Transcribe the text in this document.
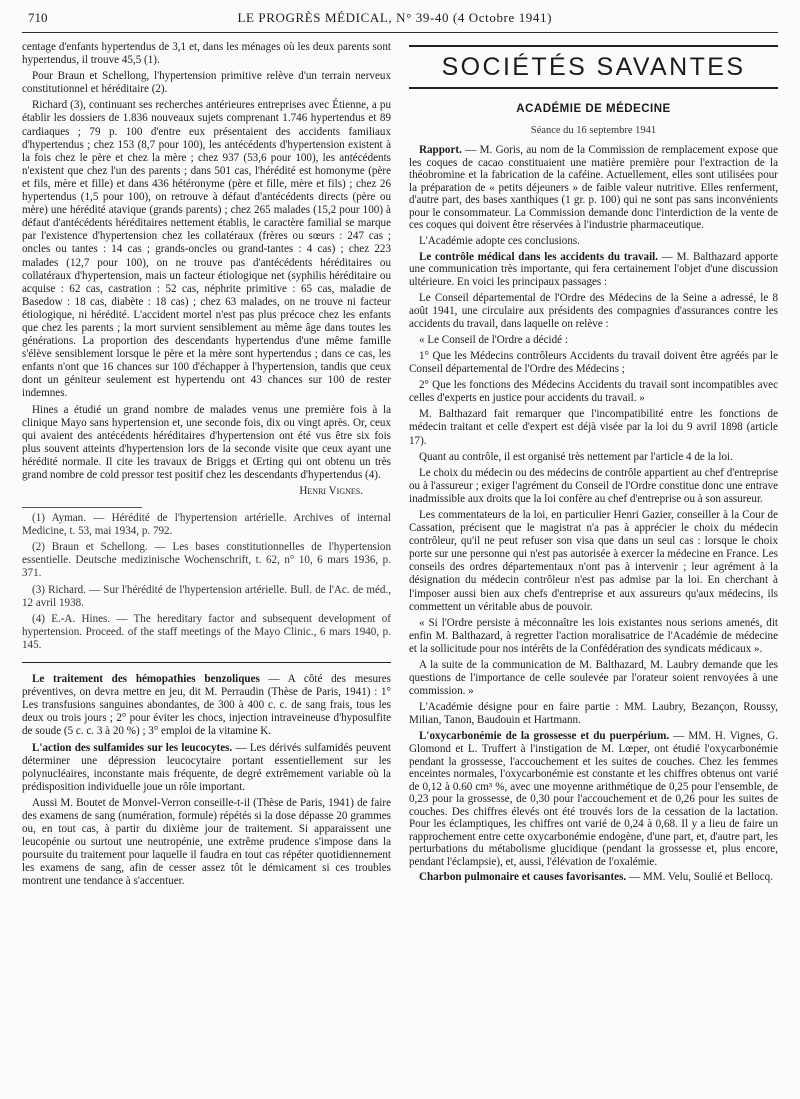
710	LE PROGRÈS MÉDICAL, N° 39-40 (4 Octobre 1941)

centage d'enfants hypertendus de 3,1 et, dans les ménages où les deux parents sont hypertendus, il trouve 45,5 (1).

Pour Braun et Schellong, l'hypertension primitive relève d'un terrain nerveux constitutionnel et héréditaire (2).

Richard (3), continuant ses recherches antérieures entreprises avec Étienne, a pu établir les dossiers de 1.836 nouveaux sujets comprenant 1.746 hypertendus et 89 cardiaques ; 79 p. 100 d'entre eux présentaient des accidents familiaux d'hypertendus ; chez 153 (8,7 pour 100), les antécédents d'hypertension existent à la fois chez le père et chez la mère ; chez 937 (53,6 pour 100), les antécédents n'existent que chez l'un des parents ; dans 501 cas, l'hérédité est homonyme (père et fils, mère et fille) et dans 436 hétéronyme (père et fille, mère et fils) ; chez 26 hypertendus (1,5 pour 100), on retrouve à défaut d'antécédents directs (père ou mère) une hérédité atavique (grands parents) ; chez 265 malades (15,2 pour 100) à défaut d'antécédents héréditaires nettement établis, le caractère familial se marque par l'existence d'hypertension chez les collatéraux (frères ou sœurs : 247 cas ; oncles ou tantes : 14 cas ; grands-oncles ou grand-tantes : 4 cas) ; chez 223 malades (12,7 pour 100), on ne trouve pas d'antécédents héréditaires ou collatéraux d'hypertension, mais un facteur étiologique net (syphilis héréditaire ou acquise : 62 cas, castration : 52 cas, néphrite primitive : 65 cas, maladie de Basedow : 18 cas, diabète : 18 cas) ; chez 63 malades, on ne trouve ni facteur étiologique, ni hérédité. L'accident mortel n'est pas plus précoce chez les enfants que chez les parents ; la mort survient sensiblement au même âge dans toutes les générations. La proportion des descendants hypertendus d'une même famille s'élève sensiblement lorsque le père et la mère sont hypertendus ; dans ce cas, les enfants n'ont que 16 chances sur 100 d'échapper à l'hypertension, tandis que ceux dont un géniteur seulement est hypertendu ont 43 chances sur 100 de rester indemnes.

Hines a étudié un grand nombre de malades venus une première fois à la clinique Mayo sans hypertension et, une seconde fois, dix ou vingt après. Or, ceux qui avaient des antécédents héréditaires d'hypertension ont été vus être six fois plus souvent atteints d'hypertension lors de la seconde visite que ceux ayant une hérédité normale. Il cite les travaux de Briggs et Œrting qui ont obtenu un très grand nombre de cold pressor test positif chez les descendants d'hypertendus (4).

Henri Vignes.

(1) Ayman. — Hérédité de l'hypertension artérielle. Archives of internal Medicine, t. 53, mai 1934, p. 792.

(2) Braun et Schellong. — Les bases constitutionnelles de l'hypertension essentielle. Deutsche medizinische Wochenschrift, t. 62, n° 10, 6 mars 1936, p. 371.

(3) Richard. — Sur l'hérédité de l'hypertension artérielle. Bull. de l'Ac. de méd., 12 avril 1938.

(4) E.-A. Hines. — The hereditary factor and subsequent development of hypertension. Proceed. of the staff meetings of the Mayo Clinic., 6 mars 1940, p. 145.

Le traitement des hémopathies benzoliques — A côté des mesures préventives, on devra mettre en jeu, dit M. Perraudin (Thèse de Paris, 1941) : 1° Les transfusions sanguines abondantes, de 300 à 400 c. c. de sang frais, tous les deux ou trois jours ; 2° pour éviter les chocs, injection intraveineuse d'hyposulfite de soude (5 c. c. 3 à 20 %) ; 3° emploi de la vitamine K.

L'action des sulfamides sur les leucocytes. — Les dérivés sulfamidés peuvent déterminer une dépression leucocytaire portant essentiellement sur les polynucléaires, inconstante mais fréquente, de degré extrêmement variable où la prédisposition individuelle joue un rôle important.

Aussi M. Boutet de Monvel-Verron conseille-t-il (Thèse de Paris, 1941) de faire des examens de sang (numération, formule) répétés si la dose dépasse 20 grammes ou, en tout cas, à partir du dixième jour de traitement. Si apparaissent une leucopénie ou surtout une neutropénie, une extrême prudence s'impose dans la poursuite du traitement pour laquelle il faudra en tout cas répéter quotidiennement les examens de sang, afin de cesser assez tôt le démicament si ces troubles montrent une tendance à s'accentuer.

SOCIÉTÉS SAVANTES
ACADÉMIE DE MÉDECINE
Séance du 16 septembre 1941

Rapport. — M. Goris, au nom de la Commission de remplacement expose que les coques de cacao constituaient une matière première pour l'extraction de la théobromine et la fabrication de la caféine. Actuellement, elles sont utilisées pour la préparation de « petits déjeuners » de faible valeur nutritive. Elles renferment, d'autre part, des bases xanthiques (1 gr. p. 100) qui ne sont pas sans inconvénients pour le consommateur. La Commission demande donc l'interdiction de la vente de ces coques qui doivent être réservées à l'industrie pharmaceutique.

L'Académie adopte ces conclusions.

Le contrôle médical dans les accidents du travail. — M. Balthazard apporte une communication très importante, qui fera certainement l'objet d'une discussion ultérieure. En voici les principaux passages :

Le Conseil départemental de l'Ordre des Médecins de la Seine a adressé, le 8 août 1941, une circulaire aux présidents des compagnies d'assurances contre les accidents du travail, dans laquelle on relève :

« Le Conseil de l'Ordre a décidé :

1° Que les Médecins contrôleurs Accidents du travail doivent être agréés par le Conseil départemental de l'Ordre des Médecins ;

2° Que les fonctions des Médecins Accidents du travail sont incompatibles avec celles d'experts en justice pour accidents du travail. »

M. Balthazard fait remarquer que l'incompatibilité entre les fonctions de médecin traitant et celle d'expert est déjà visée par la loi du 9 avril 1898 (article 17).

Quant au contrôle, il est organisé très nettement par l'article 4 de la loi.

Le choix du médecin ou des médecins de contrôle appartient au chef d'entreprise ou à l'assureur ; exiger l'agrément du Conseil de l'Ordre constitue donc une entrave inadmissible aux droits que la loi confère au chef d'entreprise ou à son assureur.

Les commentateurs de la loi, en particulier Henri Gazier, conseiller à la Cour de Cassation, précisent que le magistrat n'a pas à apprécier le choix du médecin contrôleur, qu'il ne peut refuser son visa que dans un seul cas : lorsque le choix porte sur une personne qui n'est pas autorisée à exercer la médecine en France. Les conseils des ordres départementaux n'ont pas à intervenir ; leur agrément à la désignation du médecin contrôleur n'est pas admise par la loi. En cherchant à l'imposer aussi bien aux chefs d'entreprise et aux assureurs qu'aux médecins, ils commettent un véritable abus de pouvoir.

« Si l'Ordre persiste à méconnaître les lois existantes nous serions amenés, dit enfin M. Balthazard, à regretter l'action moralisatrice de l'Académie de médecine et la sollicitude pour nos intérêts de la Confédération des syndicats médicaux ».

A la suite de la communication de M. Balthazard, M. Laubry demande que les questions de l'importance de celle soulevée par l'orateur soient renvoyées à une commission. »

L'Académie désigne pour en faire partie : MM. Laubry, Bezançon, Roussy, Milian, Tanon, Baudouin et Hartmann.

L'oxycarbonémie de la grossesse et du puerpérium. — MM. H. Vignes, G. Glomond et L. Truffert à l'instigation de M. Lœper, ont étudié l'oxycarbonémie pendant la grossesse, l'accouchement et les suites de couches. Chez les femmes enceintes normales, l'oxycarbonémie est constante et les chiffres obtenus ont varié de 0,12 à 0.60 cm³ %, avec une moyenne arithmétique de 0,25 pour l'ensemble, de 0,23 pour la grossesse, de 0,30 pour l'accouchement et de 0,26 pour les suites de couches. Des chiffres élevés ont été trouvés lors de la cessation de la lactation. Pour les éclamptiques, les chiffres ont varié de 0,24 à 0,68. Il y a lieu de faire un rapprochement entre cette oxycarbonémie endogène, d'une part, et, d'autre part, les perturbations du métabolisme glucidique (pendant la grossesse et, plus encore, pendant l'éclampsie), et, aussi, l'élévation de l'oxalémie.

Charbon pulmonaire et causes favorisantes. — MM. Velu, Soulié et Bellocq.
